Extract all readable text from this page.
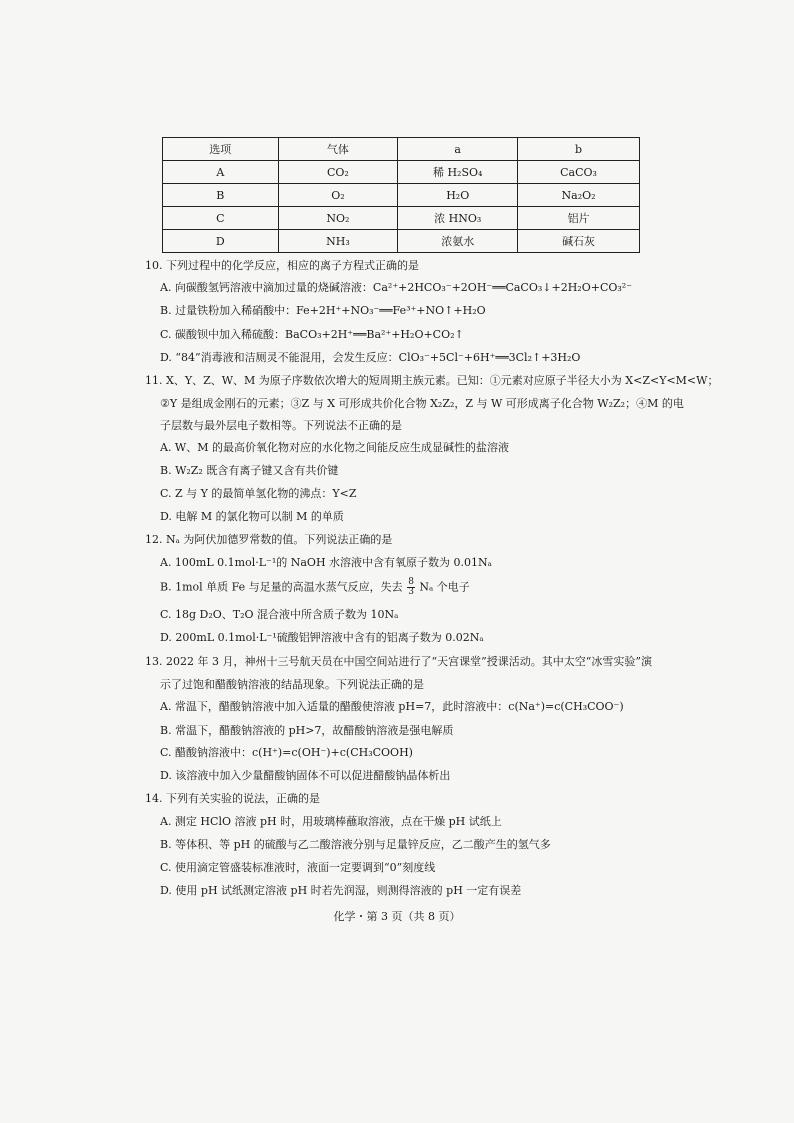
选项	气体	a	b
A	CO₂	稀 H₂SO₄	CaCO₃
B	O₂	H₂O	Na₂O₂
C	NO₂	浓 HNO₃	铝片
D	NH₃	浓氨水	碱石灰
10. 下列过程中的化学反应，相应的离子方程式正确的是
A. 向碳酸氢钙溶液中滴加过量的烧碱溶液：Ca²⁺+2HCO₃⁻+2OH⁻══CaCO₃↓+2H₂O+CO₃²⁻
B. 过量铁粉加入稀硝酸中：Fe+2H⁺+NO₃⁻══Fe³⁺+NO↑+H₂O
C. 碳酸钡中加入稀硫酸：BaCO₃+2H⁺══Ba²⁺+H₂O+CO₂↑
D. “84”消毒液和洁厕灵不能混用，会发生反应：ClO₃⁻+5Cl⁻+6H⁺══3Cl₂↑+3H₂O
11. X、Y、Z、W、M 为原子序数依次增大的短周期主族元素。已知：①元素对应原子半径大小为 X<Z<Y<M<W；
②Y 是组成金刚石的元素；③Z 与 X 可形成共价化合物 X₂Z₂，Z 与 W 可形成离子化合物 W₂Z₂；④M 的电
子层数与最外层电子数相等。下列说法不正确的是
A. W、M 的最高价氧化物对应的水化物之间能反应生成显碱性的盐溶液
B. W₂Z₂ 既含有离子键又含有共价键
C. Z 与 Y 的最简单氢化物的沸点：Y<Z
D. 电解 M 的氯化物可以制 M 的单质
12. Nₐ 为阿伏加德罗常数的值。下列说法正确的是
A. 100mL 0.1mol·L⁻¹的 NaOH 水溶液中含有氧原子数为 0.01Nₐ
B. 1mol 单质 Fe 与足量的高温水蒸气反应，失去 $\frac{8}{3}$ Nₐ 个电子
C. 18g D₂O、T₂O 混合液中所含质子数为 10Nₐ
D. 200mL 0.1mol·L⁻¹硫酸铝钾溶液中含有的铝离子数为 0.02Nₐ
13. 2022 年 3 月，神州十三号航天员在中国空间站进行了“天宫课堂”授课活动。其中太空“冰雪实验”演
示了过饱和醋酸钠溶液的结晶现象。下列说法正确的是
A. 常温下，醋酸钠溶液中加入适量的醋酸使溶液 pH=7，此时溶液中：c(Na⁺)=c(CH₃COO⁻)
B. 常温下，醋酸钠溶液的 pH>7，故醋酸钠溶液是强电解质
C. 醋酸钠溶液中：c(H⁺)=c(OH⁻)+c(CH₃COOH)
D. 该溶液中加入少量醋酸钠固体不可以促进醋酸钠晶体析出
14. 下列有关实验的说法，正确的是
A. 测定 HClO 溶液 pH 时，用玻璃棒蘸取溶液，点在干燥 pH 试纸上
B. 等体积、等 pH 的硫酸与乙二酸溶液分别与足量锌反应，乙二酸产生的氢气多
C. 使用滴定管盛装标准液时，液面一定要调到“0”刻度线
D. 使用 pH 试纸测定溶液 pH 时若先润湿，则测得溶液的 pH 一定有误差
化学・第 3 页（共 8 页）
